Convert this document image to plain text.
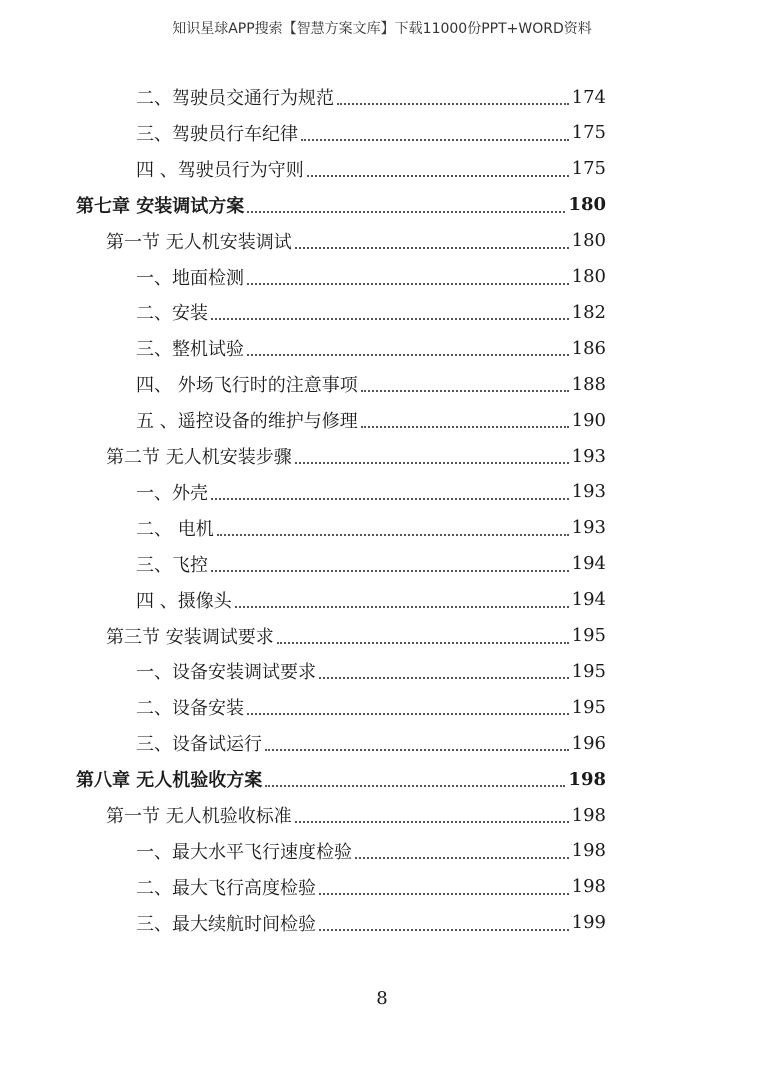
知识星球APP搜索【智慧方案文库】下载11000份PPT+WORD资料
二、驾驶员交通行为规范	174
三、驾驶员行车纪律	175
四 、驾驶员行为守则	175
第七章 安装调试方案	180
第一节 无人机安装调试	180
一、地面检测	180
二、安装	182
三、整机试验	186
四、 外场飞行时的注意事项	188
五 、遥控设备的维护与修理	190
第二节 无人机安装步骤	193
一、外壳	193
二、 电机	193
三、飞控	194
四 、摄像头	194
第三节 安装调试要求	195
一、设备安装调试要求	195
二、设备安装	195
三、设备试运行	196
第八章 无人机验收方案	198
第一节 无人机验收标准	198
一、最大水平飞行速度检验	198
二、最大飞行高度检验	198
三、最大续航时间检验	199
8
